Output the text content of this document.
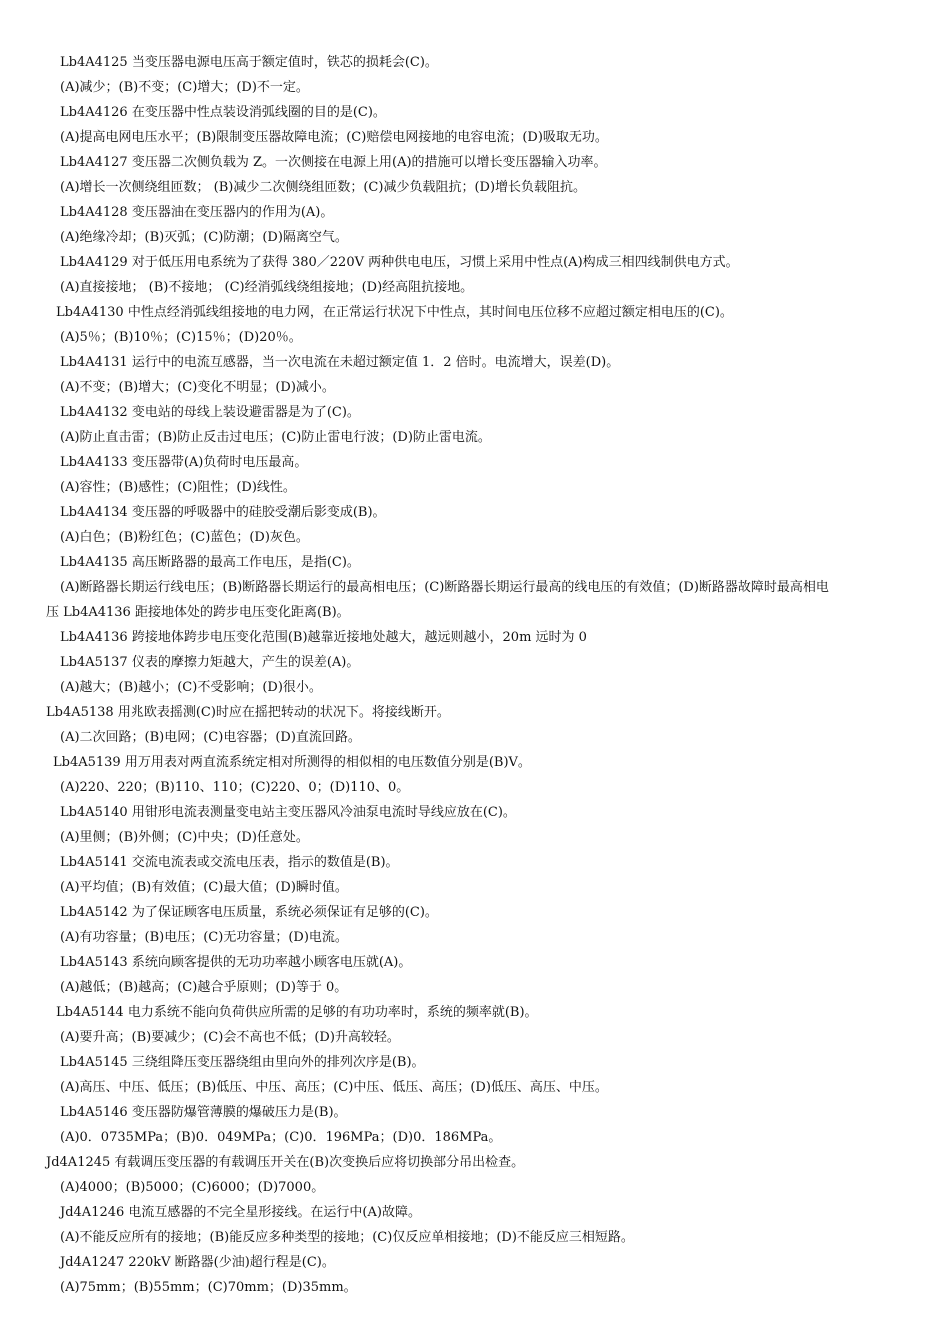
Lb4A4125 当变压器电源电压高于额定值时，铁芯的损耗会(C)。

(A)减少；(B)不变；(C)增大；(D)不一定。

Lb4A4126 在变压器中性点装设消弧线圈的目的是(C)。

(A)提高电网电压水平；(B)限制变压器故障电流；(C)赔偿电网接地的电容电流；(D)吸取无功。

Lb4A4127 变压器二次侧负载为 Z。一次侧接在电源上用(A)的措施可以增长变压器输入功率。

(A)增长一次侧绕组匝数； (B)减少二次侧绕组匝数；(C)减少负载阻抗；(D)增长负载阻抗。

Lb4A4128 变压器油在变压器内的作用为(A)。

(A)绝缘冷却；(B)灭弧；(C)防潮；(D)隔离空气。

Lb4A4129 对于低压用电系统为了获得 380／220V 两种供电电压，习惯上采用中性点(A)构成三相四线制供电方式。

(A)直接接地； (B)不接地； (C)经消弧线绕组接地；(D)经高阻抗接地。

Lb4A4130 中性点经消弧线组接地的电力网，在正常运行状况下中性点，其时间电压位移不应超过额定相电压的(C)。

(A)5％；(B)10％；(C)15％；(D)20％。

Lb4A4131 运行中的电流互感器，当一次电流在未超过额定值 1．2 倍时。电流增大，误差(D)。

(A)不变；(B)增大；(C)变化不明显；(D)减小。

Lb4A4132 变电站的母线上装设避雷器是为了(C)。

(A)防止直击雷；(B)防止反击过电压；(C)防止雷电行波；(D)防止雷电流。

Lb4A4133 变压器带(A)负荷时电压最高。

(A)容性；(B)感性；(C)阻性；(D)线性。

Lb4A4134 变压器的呼吸器中的硅胶受潮后影变成(B)。

(A)白色；(B)粉红色；(C)蓝色；(D)灰色。

Lb4A4135 高压断路器的最高工作电压，是指(C)。

(A)断路器长期运行线电压；(B)断路器长期运行的最高相电压；(C)断路器长期运行最高的线电压的有效值；(D)断路器故障时最高相电

压 Lb4A4136 距接地体处的跨步电压变化距离(B)。

Lb4A4136 跨接地体跨步电压变化范围(B)越靠近接地处越大，越远则越小，20m 远时为 0

Lb4A5137 仪表的摩擦力矩越大，产生的误差(A)。

(A)越大；(B)越小；(C)不受影响；(D)很小。

Lb4A5138 用兆欧表摇测(C)时应在摇把转动的状况下。将接线断开。

(A)二次回路；(B)电网；(C)电容器；(D)直流回路。

Lb4A5139 用万用表对两直流系统定相对所测得的相似相的电压数值分别是(B)V。

(A)220、220；(B)110、110；(C)220、0；(D)110、0。

Lb4A5140 用钳形电流表测量变电站主变压器风冷油泵电流时导线应放在(C)。

(A)里侧；(B)外侧；(C)中央；(D)任意处。

Lb4A5141 交流电流表或交流电压表，指示的数值是(B)。

(A)平均值；(B)有效值；(C)最大值；(D)瞬时值。

Lb4A5142 为了保证顾客电压质量，系统必须保证有足够的(C)。

(A)有功容量；(B)电压；(C)无功容量；(D)电流。

Lb4A5143 系统向顾客提供的无功功率越小顾客电压就(A)。

(A)越低；(B)越高；(C)越合乎原则；(D)等于 0。

Lb4A5144 电力系统不能向负荷供应所需的足够的有功功率时，系统的频率就(B)。

(A)要升高；(B)要减少；(C)会不高也不低；(D)升高较轻。

Lb4A5145 三绕组降压变压器绕组由里向外的排列次序是(B)。

(A)高压、中压、低压；(B)低压、中压、高压；(C)中压、低压、高压；(D)低压、高压、中压。

Lb4A5146 变压器防爆管薄膜的爆破压力是(B)。

(A)0．0735MPa；(B)0．049MPa；(C)0．196MPa；(D)0．186MPa。

Jd4A1245 有载调压变压器的有载调压开关在(B)次变换后应将切换部分吊出检查。

(A)4000；(B)5000；(C)6000；(D)7000。

Jd4A1246 电流互感器的不完全星形接线。在运行中(A)故障。

(A)不能反应所有的接地；(B)能反应多种类型的接地；(C)仅反应单相接地；(D)不能反应三相短路。

Jd4A1247 220kV 断路器(少油)超行程是(C)。

(A)75mm；(B)55mm；(C)70mm；(D)35mm。
